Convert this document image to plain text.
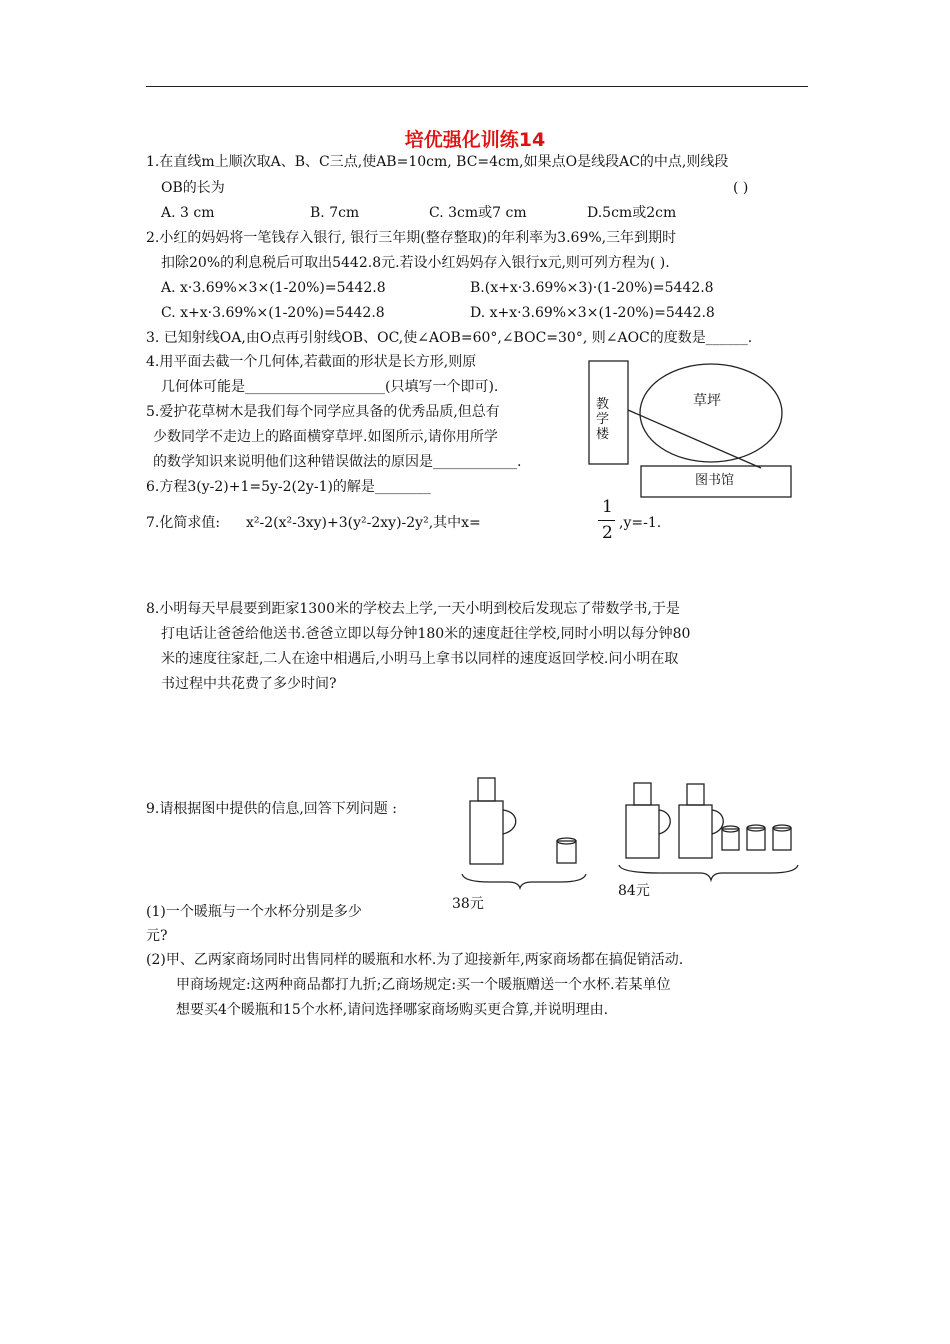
培优强化训练14
1.在直线m上顺次取A、B、C三点,使AB=10cm, BC=4cm,如果点O是线段AC的中点,则线段
OB的长为	( )
A. 3 cm	B. 7cm	C. 3cm或7 cm	D.5cm或2cm
2.小红的妈妈将一笔钱存入银行, 银行三年期(整存整取)的年利率为3.69%,三年到期时
扣除20%的利息税后可取出5442.8元.若设小红妈妈存入银行x元,则可列方程为( ).
A. x·3.69%×3×(1-20%)=5442.8	B.(x+x·3.69%×3)·(1-20%)=5442.8
C. x+x·3.69%×(1-20%)=5442.8	D. x+x·3.69%×3×(1-20%)=5442.8
3. 已知射线OA,由O点再引射线OB、OC,使∠AOB=60°,∠BOC=30°, 则∠AOC的度数是______.
4.用平面去截一个几何体,若截面的形状是长方形,则原
几何体可能是____________________(只填写一个即可).
5.爱护花草树木是我们每个同学应具备的优秀品质,但总有
少数同学不走边上的路面横穿草坪.如图所示,请你用所学
的数学知识来说明他们这种错误做法的原因是____________.
教学楼
草坪
图书馆
6.方程3(y-2)+1=5y-2(2y-1)的解是________
7.化简求值: x²-2(x²-3xy)+3(y²-2xy)-2y²,其中x=
1
2 ,y=-1.
8.小明每天早晨要到距家1300米的学校去上学,一天小明到校后发现忘了带数学书,于是
打电话让爸爸给他送书.爸爸立即以每分钟180米的速度赶往学校,同时小明以每分钟80
米的速度往家赶,二人在途中相遇后,小明马上拿书以同样的速度返回学校.问小明在取
书过程中共花费了多少时间?
9.请根据图中提供的信息,回答下列问题 :
38元
84元
(1)一个暖瓶与一个水杯分别是多少
元?
(2)甲、乙两家商场同时出售同样的暖瓶和水杯.为了迎接新年,两家商场都在搞促销活动.
甲商场规定:这两种商品都打九折;乙商场规定:买一个暖瓶赠送一个水杯.若某单位
想要买4个暖瓶和15个水杯,请问选择哪家商场购买更合算,并说明理由.
